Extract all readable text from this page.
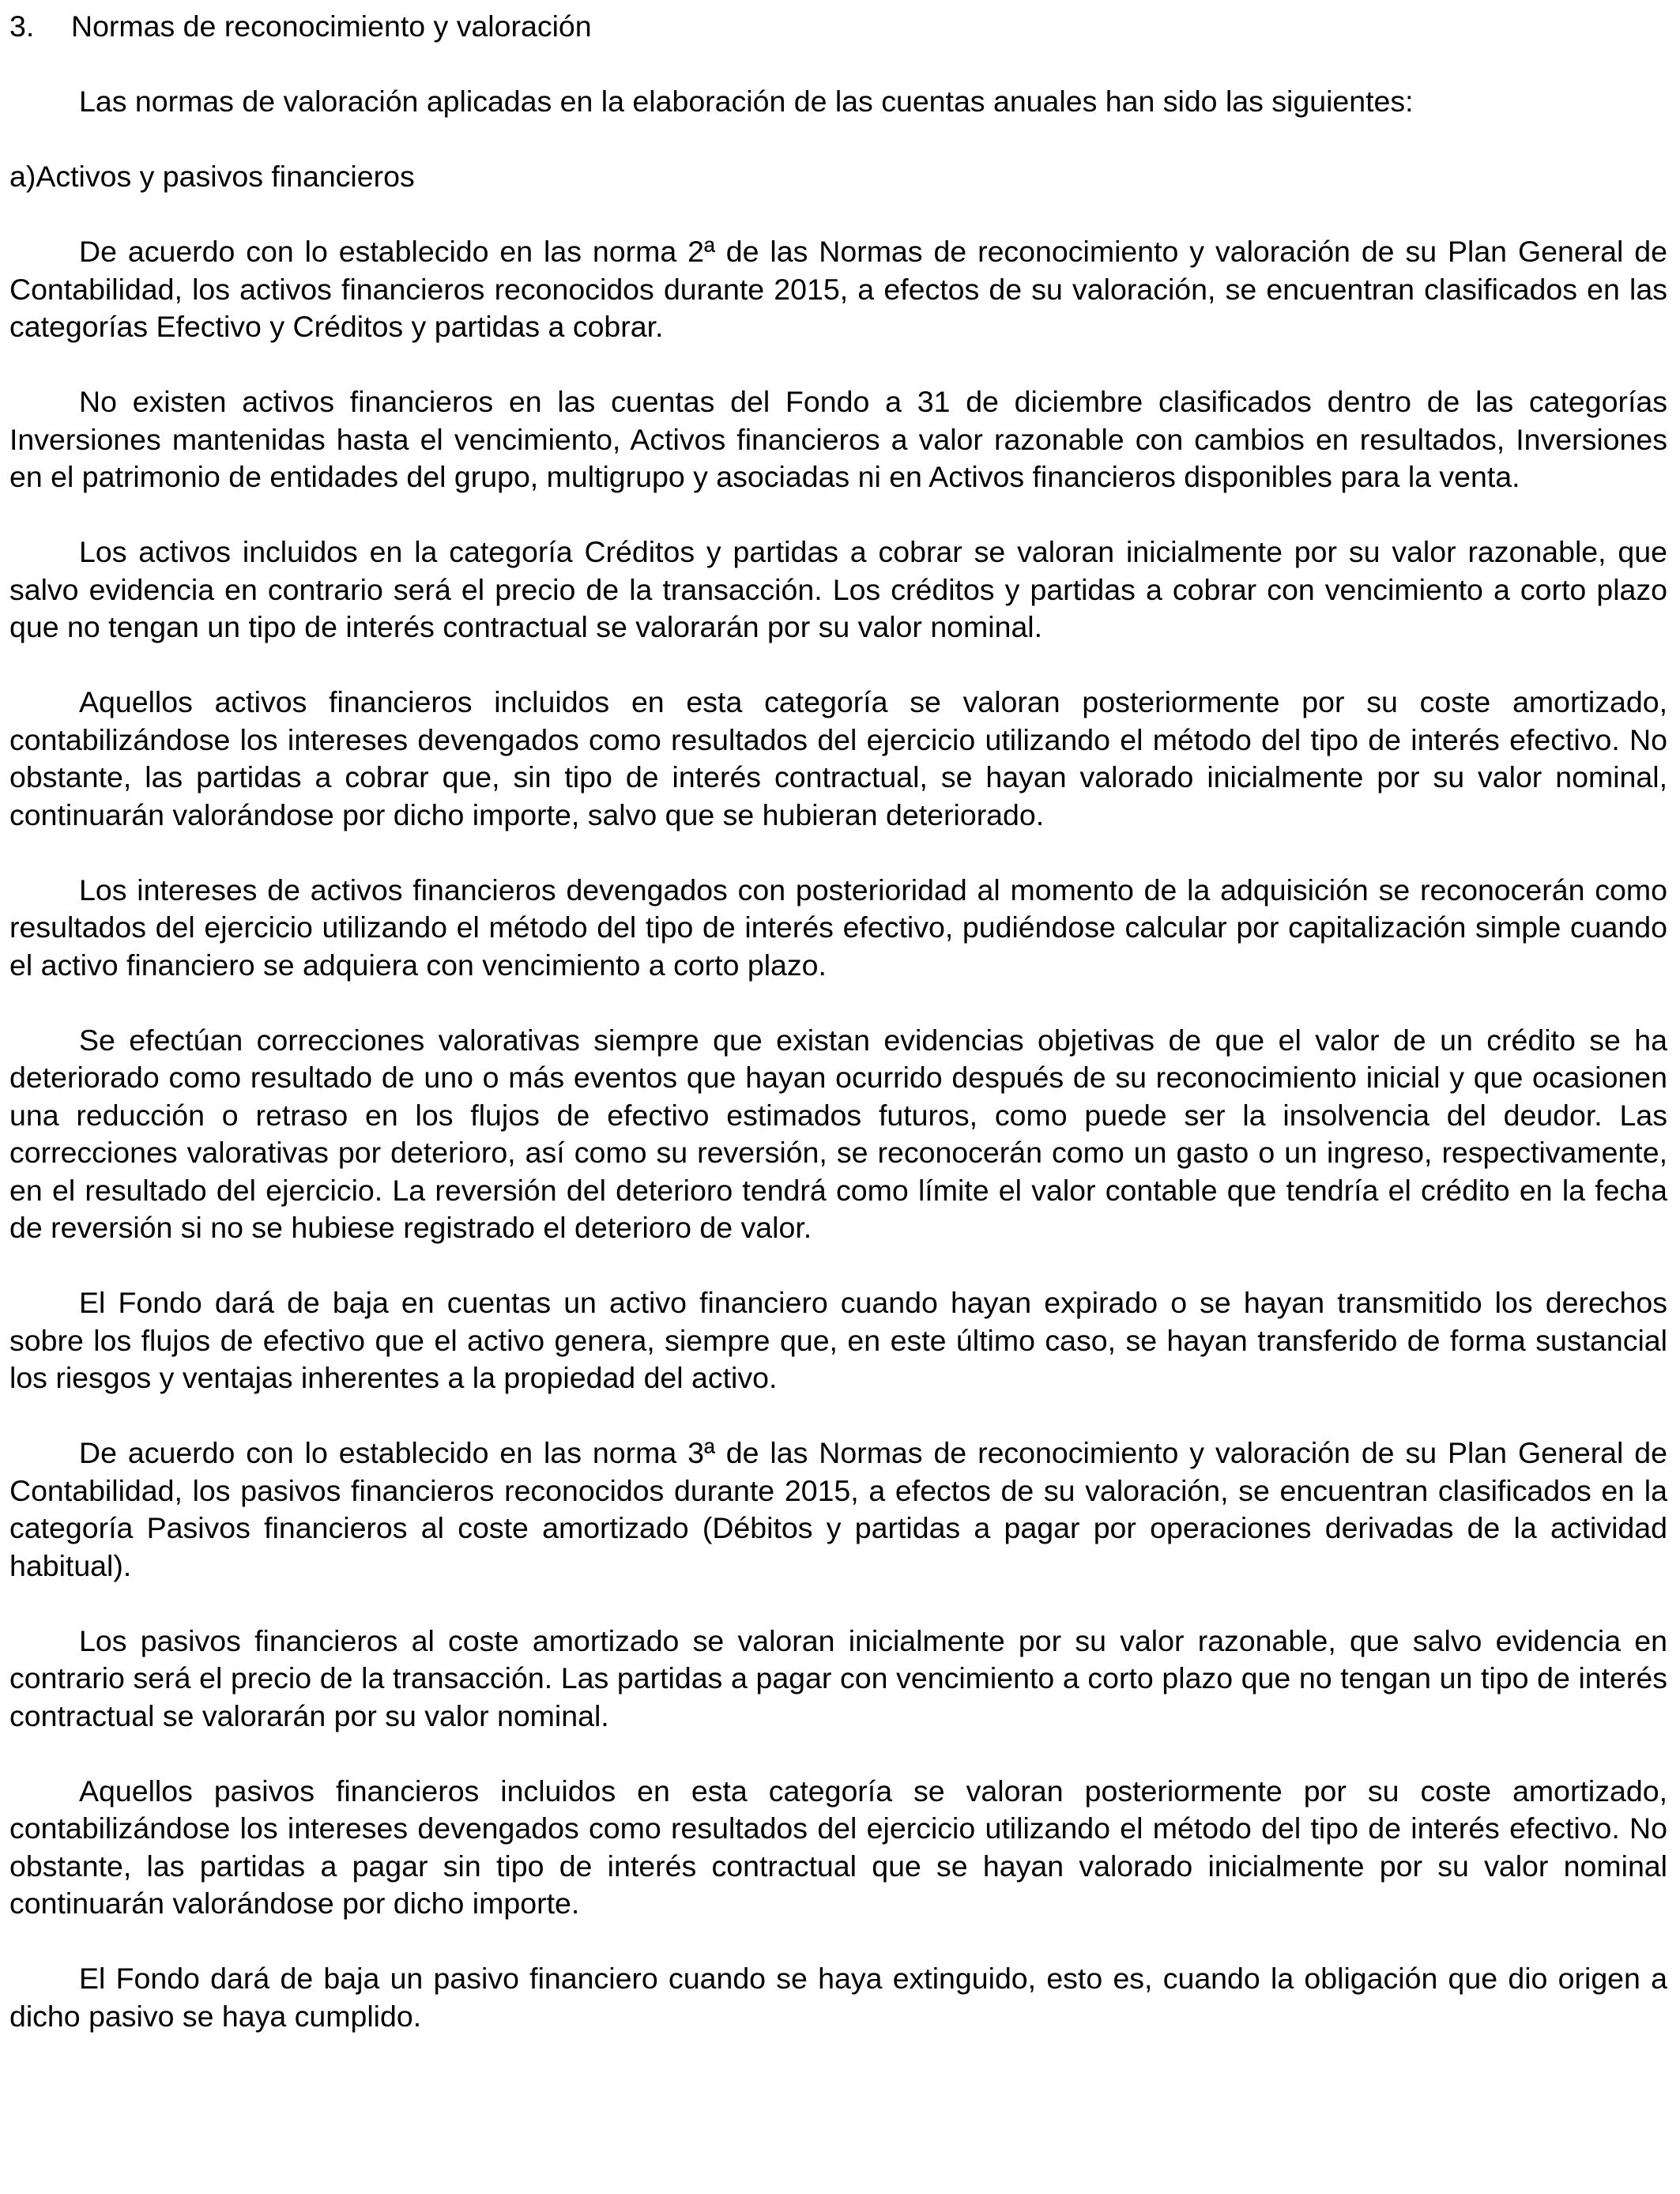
3. Normas de reconocimiento y valoración
Las normas de valoración aplicadas en la elaboración de las cuentas anuales han sido las siguientes:
a)Activos y pasivos financieros

De acuerdo con lo establecido en las norma 2ª de las Normas de reconocimiento y valoración de su Plan General de Contabilidad, los activos financieros reconocidos durante 2015, a efectos de su valoración, se encuentran clasificados en las categorías Efectivo y Créditos y partidas a cobrar.

No existen activos financieros en las cuentas del Fondo a 31 de diciembre clasificados dentro de las categorías Inversiones mantenidas hasta el vencimiento, Activos financieros a valor razonable con cambios en resultados, Inversiones en el patrimonio de entidades del grupo, multigrupo y asociadas ni en Activos financieros disponibles para la venta.

Los activos incluidos en la categoría Créditos y partidas a cobrar se valoran inicialmente por su valor razonable, que salvo evidencia en contrario será el precio de la transacción. Los créditos y partidas a cobrar con vencimiento a corto plazo que no tengan un tipo de interés contractual se valorarán por su valor nominal.

Aquellos activos financieros incluidos en esta categoría se valoran posteriormente por su coste amortizado, contabilizándose los intereses devengados como resultados del ejercicio utilizando el método del tipo de interés efectivo. No obstante, las partidas a cobrar que, sin tipo de interés contractual, se hayan valorado inicialmente por su valor nominal, continuarán valorándose por dicho importe, salvo que se hubieran deteriorado.

Los intereses de activos financieros devengados con posterioridad al momento de la adquisición se reconocerán como resultados del ejercicio utilizando el método del tipo de interés efectivo, pudiéndose calcular por capitalización simple cuando el activo financiero se adquiera con vencimiento a corto plazo.

Se efectúan correcciones valorativas siempre que existan evidencias objetivas de que el valor de un crédito se ha deteriorado como resultado de uno o más eventos que hayan ocurrido después de su reconocimiento inicial y que ocasionen una reducción o retraso en los flujos de efectivo estimados futuros, como puede ser la insolvencia del deudor. Las correcciones valorativas por deterioro, así como su reversión, se reconocerán como un gasto o un ingreso, respectivamente, en el resultado del ejercicio. La reversión del deterioro tendrá como límite el valor contable que tendría el crédito en la fecha de reversión si no se hubiese registrado el deterioro de valor.

El Fondo dará de baja en cuentas un activo financiero cuando hayan expirado o se hayan transmitido los derechos sobre los flujos de efectivo que el activo genera, siempre que, en este último caso, se hayan transferido de forma sustancial los riesgos y ventajas inherentes a la propiedad del activo.

De acuerdo con lo establecido en las norma 3ª de las Normas de reconocimiento y valoración de su Plan General de Contabilidad, los pasivos financieros reconocidos durante 2015, a efectos de su valoración, se encuentran clasificados en la categoría Pasivos financieros al coste amortizado (Débitos y partidas a pagar por operaciones derivadas de la actividad habitual).

Los pasivos financieros al coste amortizado se valoran inicialmente por su valor razonable, que salvo evidencia en contrario será el precio de la transacción. Las partidas a pagar con vencimiento a corto plazo que no tengan un tipo de interés contractual se valorarán por su valor nominal.

Aquellos pasivos financieros incluidos en esta categoría se valoran posteriormente por su coste amortizado, contabilizándose los intereses devengados como resultados del ejercicio utilizando el método del tipo de interés efectivo. No obstante, las partidas a pagar sin tipo de interés contractual que se hayan valorado inicialmente por su valor nominal continuarán valorándose por dicho importe.

El Fondo dará de baja un pasivo financiero cuando se haya extinguido, esto es, cuando la obligación que dio origen a dicho pasivo se haya cumplido.
